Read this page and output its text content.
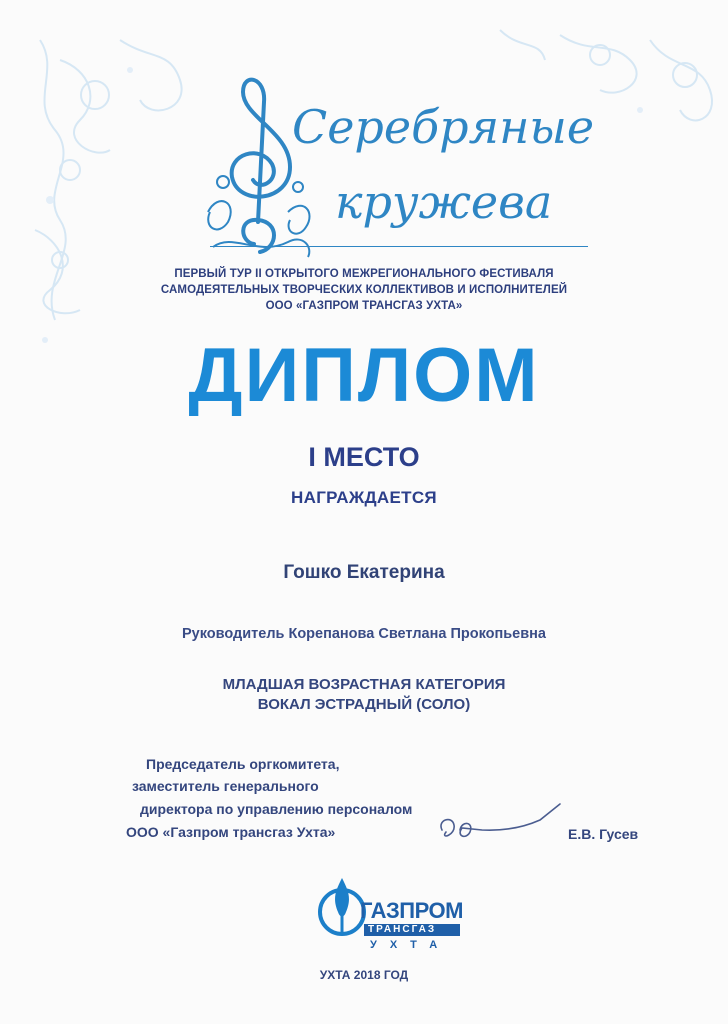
Серебряные
кружева
ПЕРВЫЙ ТУР II ОТКРЫТОГО МЕЖРЕГИОНАЛЬНОГО ФЕСТИВАЛЯ
САМОДЕЯТЕЛЬНЫХ ТВОРЧЕСКИХ КОЛЛЕКТИВОВ И ИСПОЛНИТЕЛЕЙ
ООО «ГАЗПРОМ ТРАНСГАЗ УХТА»
ДИПЛОМ
I МЕСТО
НАГРАЖДАЕТСЯ
Гошко Екатерина
Руководитель Корепанова Светлана Прокопьевна
МЛАДШАЯ ВОЗРАСТНАЯ КАТЕГОРИЯ
ВОКАЛ ЭСТРАДНЫЙ (СОЛО)
Председатель оргкомитета,
заместитель генерального
директора по управлению персоналом
ООО «Газпром трансгаз Ухта»	Е.В. Гусев
ГАЗПРОМ
ТРАНСГАЗ
УХТА
УХТА 2018 ГОД
